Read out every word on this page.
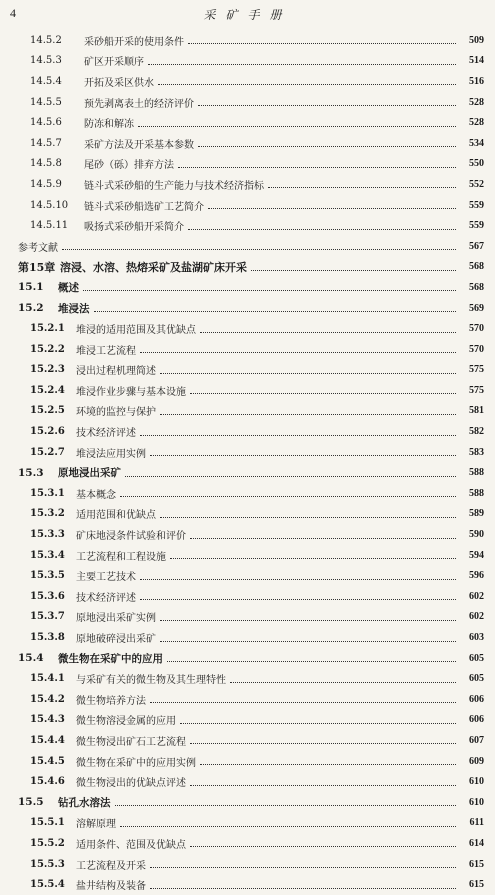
4	采矿手册
14.5.2	采砂船开采的使用条件	509
14.5.3	矿区开采顺序	514
14.5.4	开拓及采区供水	516
14.5.5	预先剥离表土的经济评价	528
14.5.6	防冻和解冻	528
14.5.7	采矿方法及开采基本参数	534
14.5.8	尾砂（砾）排弃方法	550
14.5.9	链斗式采砂船的生产能力与技术经济指标	552
14.5.10	链斗式采砂船选矿工艺简介	559
14.5.11	吸扬式采砂船开采简介	559
参考文献	567
第15章 溶浸、水溶、热熔采矿及盐湖矿床开采	568
15.1	概述	568
15.2	堆浸法	569
15.2.1	堆浸的适用范围及其优缺点	570
15.2.2	堆浸工艺流程	570
15.2.3	浸出过程机理简述	575
15.2.4	堆浸作业步骤与基本设施	575
15.2.5	环境的监控与保护	581
15.2.6	技术经济评述	582
15.2.7	堆浸法应用实例	583
15.3	原地浸出采矿	588
15.3.1	基本概念	588
15.3.2	适用范围和优缺点	589
15.3.3	矿床地浸条件试验和评价	590
15.3.4	工艺流程和工程设施	594
15.3.5	主要工艺技术	596
15.3.6	技术经济评述	602
15.3.7	原地浸出采矿实例	602
15.3.8	原地破碎浸出采矿	603
15.4	微生物在采矿中的应用	605
15.4.1	与采矿有关的微生物及其生理特性	605
15.4.2	微生物培养方法	606
15.4.3	微生物溶浸金属的应用	606
15.4.4	微生物浸出矿石工艺流程	607
15.4.5	微生物在采矿中的应用实例	609
15.4.6	微生物浸出的优缺点评述	610
15.5	钻孔水溶法	610
15.5.1	溶解原理	611
15.5.2	适用条件、范围及优缺点	614
15.5.3	工艺流程及开采	615
15.5.4	盐井结构及装备	615
